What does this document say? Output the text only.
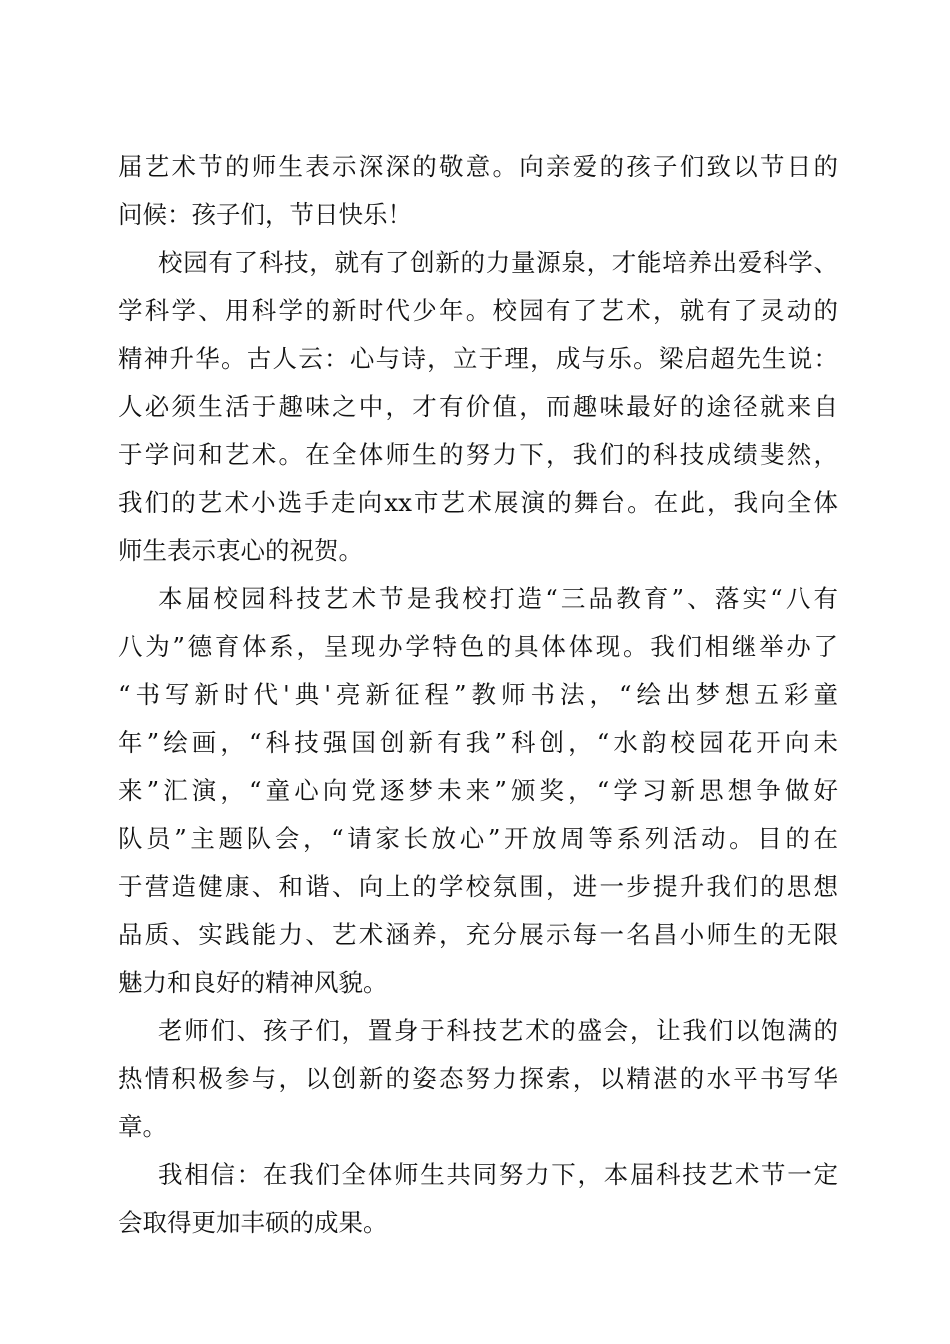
届艺术节的师生表示深深的敬意。向亲爱的孩子们致以节日的
问候：孩子们，节日快乐！
校园有了科技，就有了创新的力量源泉，才能培养出爱科学、
学科学、用科学的新时代少年。校园有了艺术，就有了灵动的
精神升华。古人云：心与诗，立于理，成与乐。梁启超先生说：
人必须生活于趣味之中，才有价值，而趣味最好的途径就来自
于学问和艺术。在全体师生的努力下，我们的科技成绩斐然，
我们的艺术小选手走向xx市艺术展演的舞台。在此，我向全体
师生表示衷心的祝贺。
本届校园科技艺术节是我校打造“三品教育”、落实“八有
八为”德育体系，呈现办学特色的具体体现。我们相继举办了
“书写新时代'典'亮新征程”教师书法，“绘出梦想五彩童
年”绘画，“科技强国创新有我”科创，“水韵校园花开向未
来”汇演，“童心向党逐梦未来”颁奖，“学习新思想争做好
队员”主题队会，“请家长放心”开放周等系列活动。目的在
于营造健康、和谐、向上的学校氛围，进一步提升我们的思想
品质、实践能力、艺术涵养，充分展示每一名昌小师生的无限
魅力和良好的精神风貌。
老师们、孩子们，置身于科技艺术的盛会，让我们以饱满的
热情积极参与，以创新的姿态努力探索，以精湛的水平书写华
章。
我相信：在我们全体师生共同努力下，本届科技艺术节一定
会取得更加丰硕的成果。
